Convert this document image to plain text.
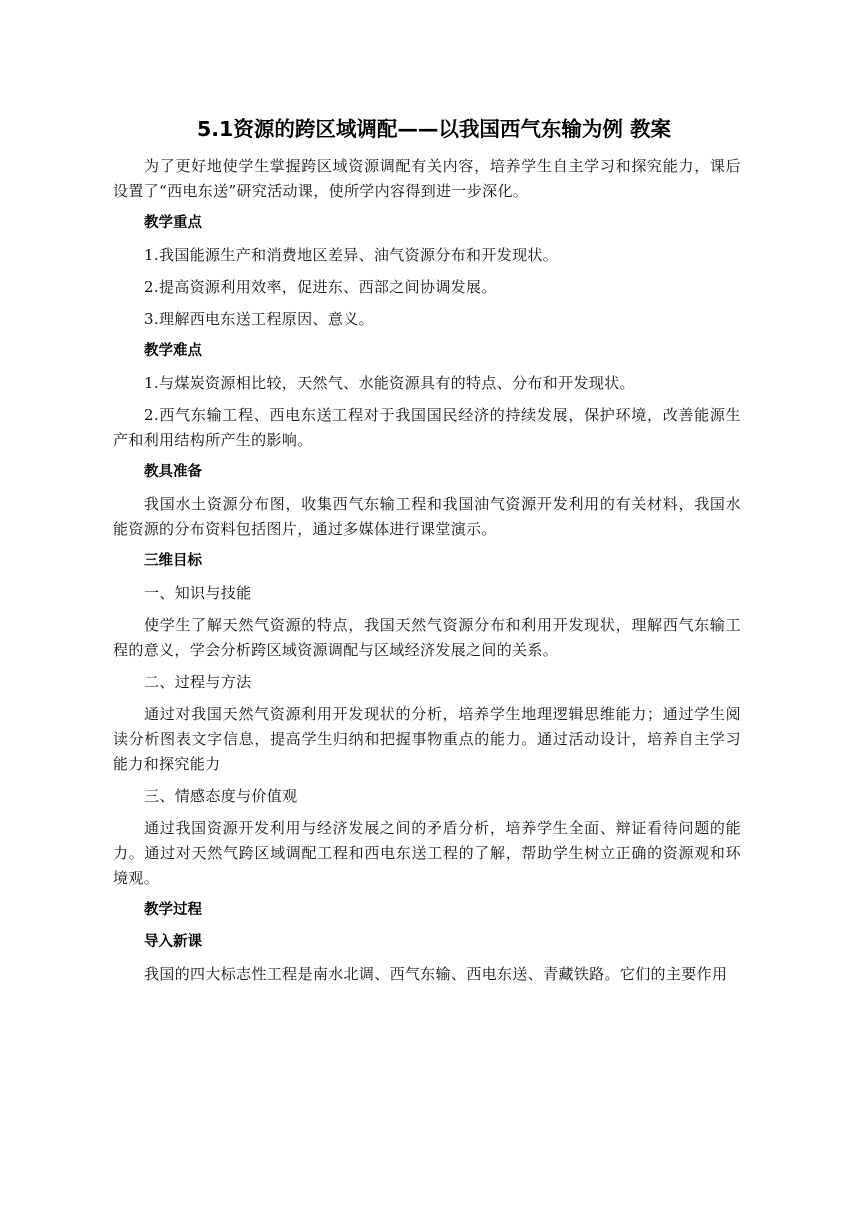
5.1资源的跨区域调配——以我国西气东输为例 教案

为了更好地使学生掌握跨区域资源调配有关内容，培养学生自主学习和探究能力，课后设置了“西电东送”研究活动课，使所学内容得到进一步深化。

教学重点

1.我国能源生产和消费地区差异、油气资源分布和开发现状。

2.提高资源利用效率，促进东、西部之间协调发展。

3.理解西电东送工程原因、意义。

教学难点

1.与煤炭资源相比较，天然气、水能资源具有的特点、分布和开发现状。

2.西气东输工程、西电东送工程对于我国国民经济的持续发展，保护环境，改善能源生产和利用结构所产生的影响。

教具准备

我国水土资源分布图，收集西气东输工程和我国油气资源开发利用的有关材料，我国水能资源的分布资料包括图片，通过多媒体进行课堂演示。

三维目标

一、知识与技能

使学生了解天然气资源的特点，我国天然气资源分布和利用开发现状，理解西气东输工程的意义，学会分析跨区域资源调配与区域经济发展之间的关系。

二、过程与方法

通过对我国天然气资源利用开发现状的分析，培养学生地理逻辑思维能力；通过学生阅读分析图表文字信息，提高学生归纳和把握事物重点的能力。通过活动设计，培养自主学习能力和探究能力

三、情感态度与价值观

通过我国资源开发利用与经济发展之间的矛盾分析，培养学生全面、辩证看待问题的能力。通过对天然气跨区域调配工程和西电东送工程的了解，帮助学生树立正确的资源观和环境观。

教学过程

导入新课

我国的四大标志性工程是南水北调、西气东输、西电东送、青藏铁路。它们的主要作用
